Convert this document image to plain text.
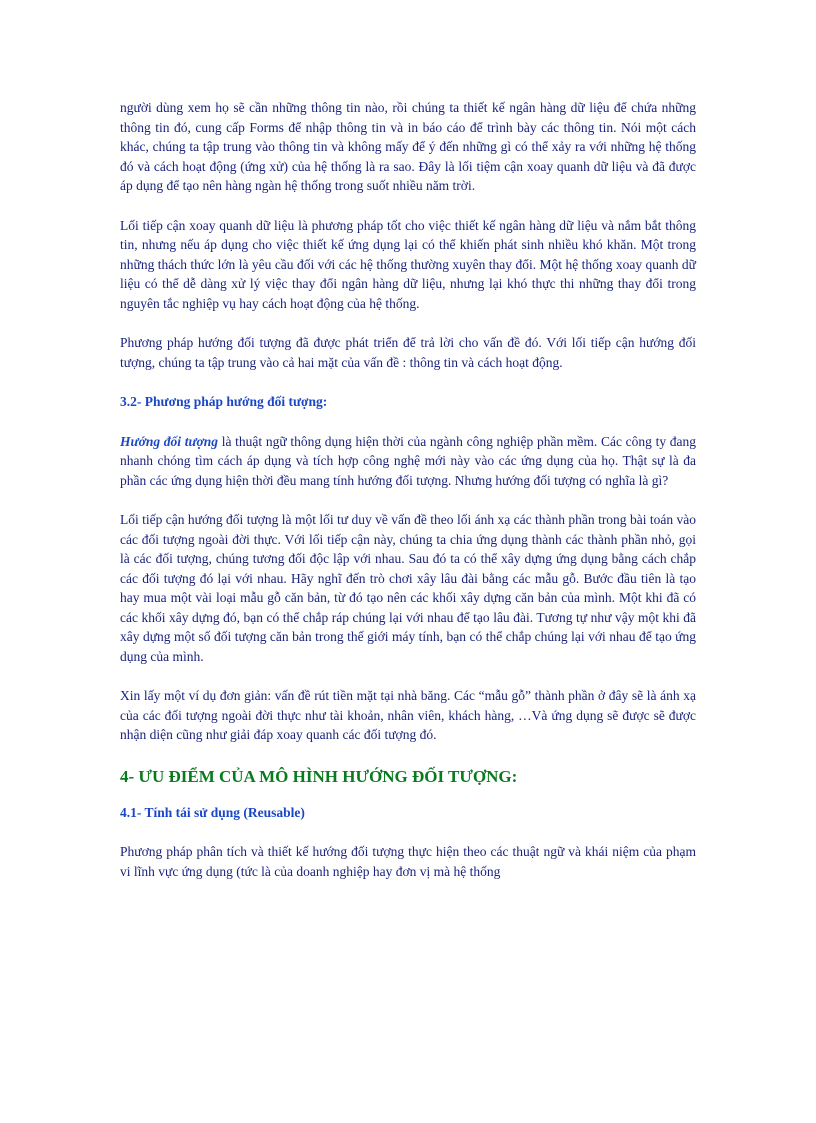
người dùng xem họ sẽ cần những thông tin nào, rồi chúng ta thiết kế ngân hàng dữ liệu để chứa những thông tin đó, cung cấp Forms để nhập thông tin và in báo cáo để trình bày các thông tin. Nói một cách khác, chúng ta tập trung vào thông tin và không mấy để ý đến những gì có thể xảy ra với những hệ thống đó và cách hoạt động (ứng xử) của hệ thống là ra sao. Đây là lối tiệm cận xoay quanh dữ liệu và đã được áp dụng để tạo nên hàng ngàn hệ thống trong suốt nhiều năm trời.

Lối tiếp cận xoay quanh dữ liệu là phương pháp tốt cho việc thiết kế ngân hàng dữ liệu và nắm bắt thông tin, nhưng nếu áp dụng cho việc thiết kế ứng dụng lại có thể khiến phát sinh nhiều khó khăn. Một trong những thách thức lớn là yêu cầu đối với các hệ thống thường xuyên thay đổi. Một hệ thống xoay quanh dữ liệu có thể dễ dàng xử lý việc thay đổi ngân hàng dữ liệu, nhưng lại khó thực thi những thay đổi trong nguyên tắc nghiệp vụ hay cách hoạt động của hệ thống.

Phương pháp hướng đối tượng đã được phát triển để trả lời cho vấn đề đó. Với lối tiếp cận hướng đối tượng, chúng ta tập trung vào cả hai mặt của vấn đề : thông tin và cách hoạt động.

3.2- Phương pháp hướng đối tượng:

Hướng đối tượng là thuật ngữ thông dụng hiện thời của ngành công nghiệp phần mềm. Các công ty đang nhanh chóng tìm cách áp dụng và tích hợp công nghệ mới này vào các ứng dụng của họ. Thật sự là đa phần các ứng dụng hiện thời đều mang tính hướng đối tượng. Nhưng hướng đối tượng có nghĩa là gì?

Lối tiếp cận hướng đối tượng là một lối tư duy về vấn đề theo lối ánh xạ các thành phần trong bài toán vào các đối tượng ngoài đời thực. Với lối tiếp cận này, chúng ta chia ứng dụng thành các thành phần nhỏ, gọi là các đối tượng, chúng tương đối độc lập với nhau. Sau đó ta có thể xây dựng ứng dụng bằng cách chắp các đối tượng đó lại với nhau. Hãy nghĩ đến trò chơi xây lâu đài bằng các mẫu gỗ. Bước đầu tiên là tạo hay mua một vài loại mẫu gỗ căn bản, từ đó tạo nên các khối xây dựng căn bản của mình. Một khi đã có các khối xây dựng đó, bạn có thể chắp ráp chúng lại với nhau để tạo lâu đài. Tương tự như vậy một khi đã xây dựng một số đối tượng căn bản trong thế giới máy tính, bạn có thể chắp chúng lại với nhau để tạo ứng dụng của mình.

Xin lấy một ví dụ đơn giản: vấn đề rút tiền mặt tại nhà băng. Các “mẫu gỗ” thành phần ở đây sẽ là ánh xạ của các đối tượng ngoài đời thực như tài khoản, nhân viên, khách hàng, …Và ứng dụng sẽ được sẽ được nhận diện cũng như giải đáp xoay quanh các đối tượng đó.

4- ƯU ĐIỂM CỦA MÔ HÌNH HƯỚNG ĐỐI TƯỢNG:
4.1- Tính tái sử dụng (Reusable)

Phương pháp phân tích và thiết kế hướng đối tượng thực hiện theo các thuật ngữ và khái niệm của phạm vi lĩnh vực ứng dụng (tức là của doanh nghiệp hay đơn vị mà hệ thống
